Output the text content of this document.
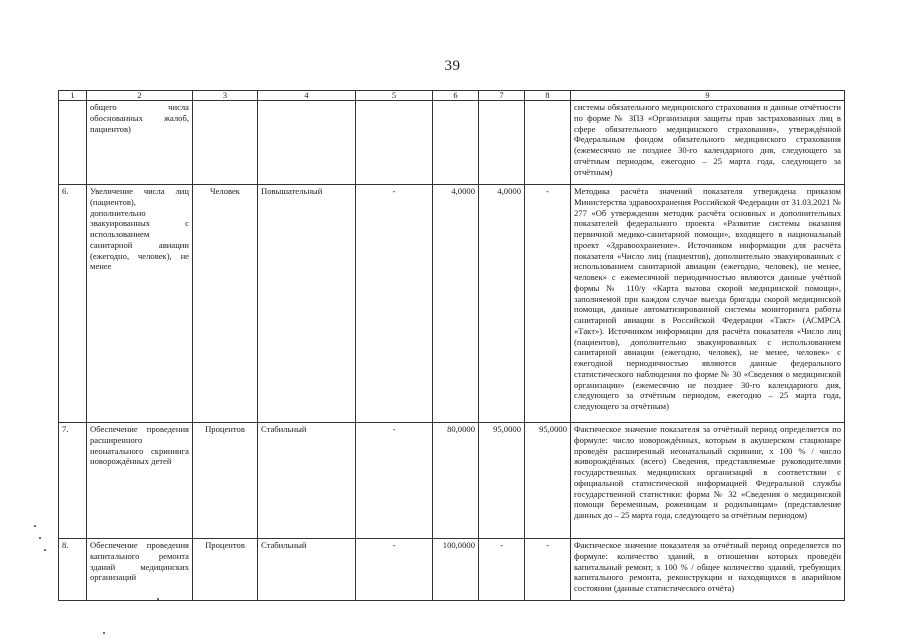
39
1	2	3	4	5	6	7	8	9
	общего числа обоснованных жалоб, пациентов)							системы обязательного медицинского страхования и данные отчётности по форме № ЗПЗ «Организация защиты прав застрахованных лиц в сфере обязательного медицинского страхования», утверждённой Федеральным фондом обязательного медицинского страхования (ежемесячно не позднее 30-го календарного дня, следующего за отчётным периодом, ежегодно – 25 марта года, следующего за отчётным)
6.	Увеличение числа лиц (пациентов), дополнительно эвакуированных с использованием санитарной авиации (ежегодно, человек), не менее	Человек	Повышательный	-	4,0000	4,0000	-	Методика расчёта значений показателя утверждена приказом Министерства здравоохранения Российской Федерации от 31.03.2021 № 277 «Об утверждении методик расчёта основных и дополнительных показателей федерального проекта «Развитие системы оказания первичной медико-санитарной помощи», входящего в национальный проект «Здравоохранение». Источником информации для расчёта показателя «Число лиц (пациентов), дополнительно эвакуированных с использованием санитарной авиации (ежегодно, человек), не менее, человек» с ежемесячной периодичностью являются данные учётной формы № 110/у «Карта вызова скорой медицинской помощи», заполняемой при каждом случае выезда бригады скорой медицинской помощи, данные автоматизированной системы мониторинга работы санитарной авиации в Российской Федерации «Такт» (АСМРСА «Такт»). Источником информации для расчёта показателя «Число лиц (пациентов), дополнительно эвакуированных с использованием санитарной авиации (ежегодно, человек), не менее, человек» с ежегодной периодичностью являются данные федерального статистического наблюдения по форме № 30 «Сведения о медицинской организации» (ежемесячно не позднее 30-го календарного дня, следующего за отчётным периодом, ежегодно – 25 марта года, следующего за отчётным)
7.	Обеспечение проведения расширенного неонатального скрининга новорождённых детей	Процентов	Стабильный	-	80,0000	95,0000	95,0000	Фактическое значение показателя за отчётный период определяется по формуле: число новорождённых, которым в акушерском стационаре проведён расширенный неонатальный скрининг, x 100 % / число живорождённых (всего) Сведения, представляемые руководителями государственных медицинских организаций в соответствии с официальной статистической информацией Федеральной службы государственной статистики: форма № 32 «Сведения о медицинской помощи беременным, роженицам и родильницам» (представление данных до – 25 марта года, следующего за отчётным периодом)
8.	Обеспечение проведения капитального ремонта зданий медицинских организаций	Процентов	Стабильный	-	100,0000	-	-	Фактическое значение показателя за отчётный период определяется по формуле: количество зданий, в отношении которых проведён капитальный ремонт, x 100 % / общее количество зданий, требующих капитального ремонта, реконструкции и находящихся в аварийном состоянии (данные статистического отчёта)
